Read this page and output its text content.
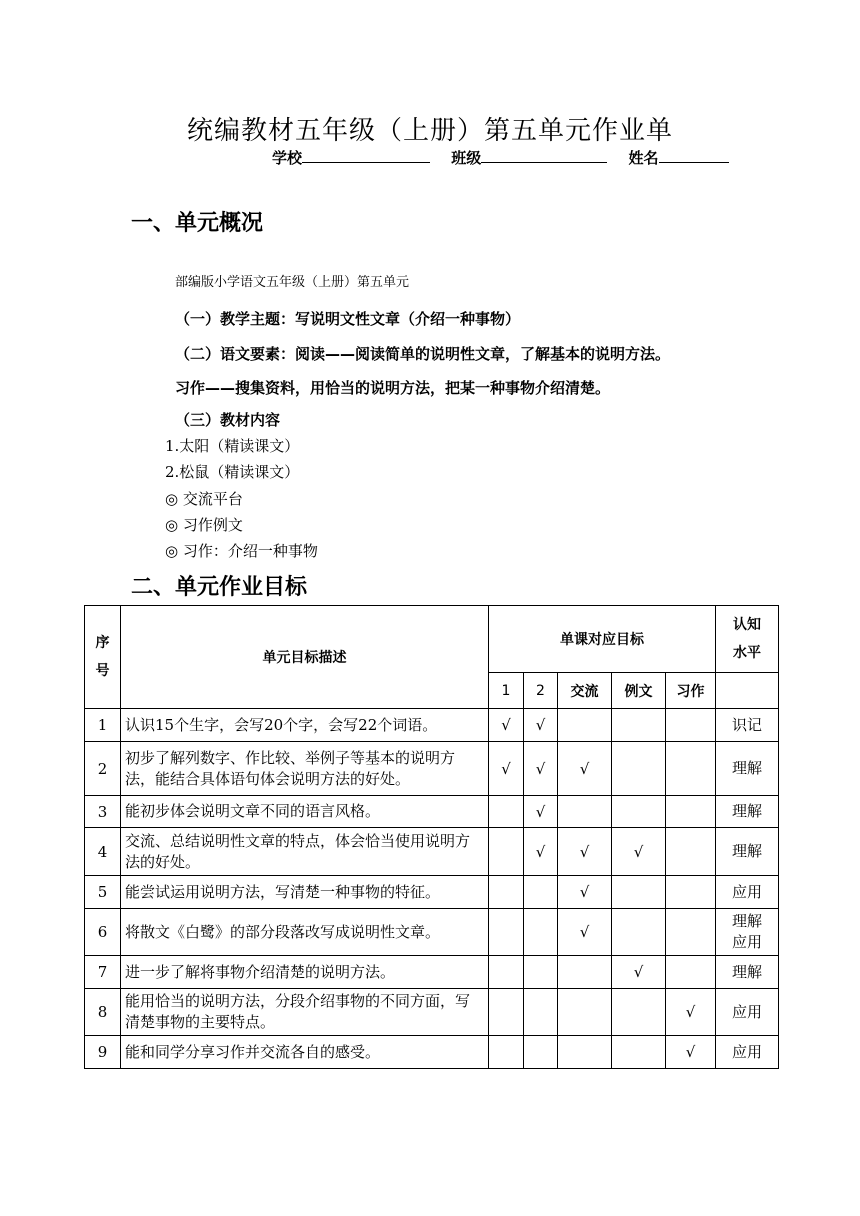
统编教材五年级（上册）第五单元作业单
学校	班级	姓名
一、单元概况
部编版小学语文五年级（上册）第五单元
（一）教学主题：写说明文性文章（介绍一种事物）
（二）语文要素：阅读——阅读简单的说明性文章，了解基本的说明方法。
习作——搜集资料，用恰当的说明方法，把某一种事物介绍清楚。
（三）教材内容
1.太阳（精读课文）
2.松鼠（精读课文）
◎ 交流平台
◎ 习作例文
◎ 习作：介绍一种事物
二、单元作业目标
序号	单元目标描述	单课对应目标					认知水平

		1	2	交流	例文	习作	
1	认识15个生字，会写20个字，会写22个词语。	√	√				识记

2	初步了解列数字、作比较、举例子等基本的说明方法，能结合具体语句体会说明方法的好处。	√	√	√			理解

3	能初步体会说明文章不同的语言风格。		√				理解

4	交流、总结说明性文章的特点，体会恰当使用说明方法的好处。		√	√	√		理解

5	能尝试运用说明方法，写清楚一种事物的特征。			√			应用

6	将散文《白鹭》的部分段落改写成说明性文章。			√			理解应用

7	进一步了解将事物介绍清楚的说明方法。				√		理解

8	能用恰当的说明方法，分段介绍事物的不同方面，写清楚事物的主要特点。					√	应用

9	能和同学分享习作并交流各自的感受。					√	应用
